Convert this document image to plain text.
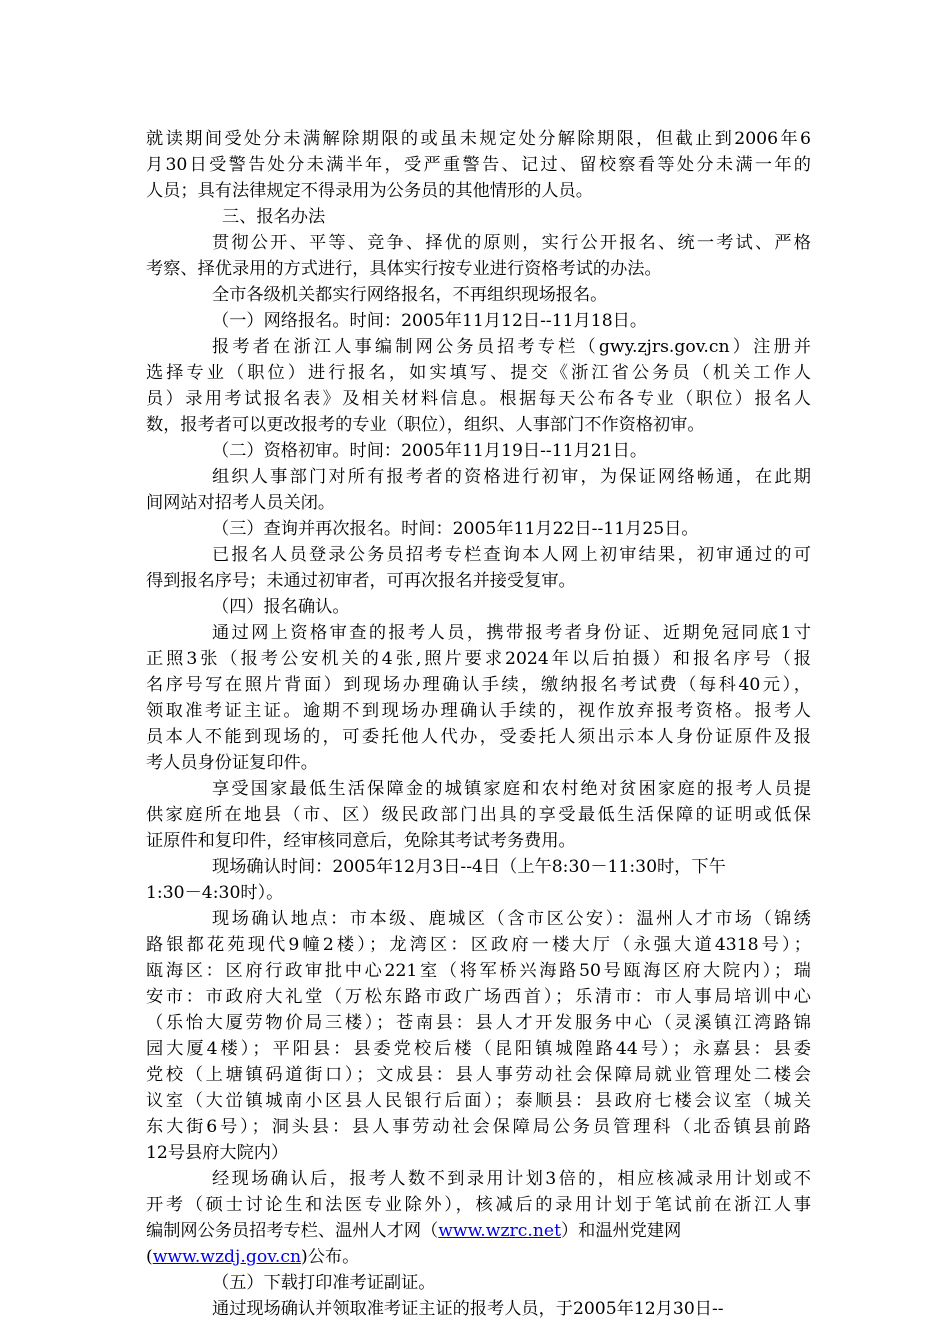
就读期间受处分未满解除期限的或虽未规定处分解除期限，但截止到2006年6
月30日受警告处分未满半年，受严重警告、记过、留校察看等处分未满一年的
人员；具有法律规定不得录用为公务员的其他情形的人员。
三、报名办法
贯彻公开、平等、竞争、择优的原则，实行公开报名、统一考试、严格
考察、择优录用的方式进行，具体实行按专业进行资格考试的办法。
全市各级机关都实行网络报名，不再组织现场报名。
（一）网络报名。时间：2005年11月12日--11月18日。
报考者在浙江人事编制网公务员招考专栏（gwy.zjrs.gov.cn）注册并
选择专业（职位）进行报名，如实填写、提交《浙江省公务员（机关工作人
员）录用考试报名表》及相关材料信息。根据每天公布各专业（职位）报名人
数，报考者可以更改报考的专业（职位），组织、人事部门不作资格初审。
（二）资格初审。时间：2005年11月19日--11月21日。
组织人事部门对所有报考者的资格进行初审，为保证网络畅通，在此期
间网站对招考人员关闭。
（三）查询并再次报名。时间：2005年11月22日--11月25日。
已报名人员登录公务员招考专栏查询本人网上初审结果，初审通过的可
得到报名序号；未通过初审者，可再次报名并接受复审。
（四）报名确认。
通过网上资格审查的报考人员，携带报考者身份证、近期免冠同底1寸
正照3张（报考公安机关的4张,照片要求2024年以后拍摄）和报名序号（报
名序号写在照片背面）到现场办理确认手续，缴纳报名考试费（每科40元），
领取准考证主证。逾期不到现场办理确认手续的，视作放弃报考资格。报考人
员本人不能到现场的，可委托他人代办，受委托人须出示本人身份证原件及报
考人员身份证复印件。
享受国家最低生活保障金的城镇家庭和农村绝对贫困家庭的报考人员提
供家庭所在地县（市、区）级民政部门出具的享受最低生活保障的证明或低保
证原件和复印件，经审核同意后，免除其考试考务费用。
现场确认时间：2005年12月3日--4日（上午8:30－11:30时，下午
1:30－4:30时）。
现场确认地点：市本级、鹿城区（含市区公安）：温州人才市场（锦绣
路银都花苑现代9幢2楼）；龙湾区：区政府一楼大厅（永强大道4318号）；
瓯海区：区府行政审批中心221室（将军桥兴海路50号瓯海区府大院内）；瑞
安市：市政府大礼堂（万松东路市政广场西首）；乐清市：市人事局培训中心
（乐怡大厦劳物价局三楼）；苍南县：县人才开发服务中心（灵溪镇江湾路锦
园大厦4楼）；平阳县：县委党校后楼（昆阳镇城隍路44号）；永嘉县：县委
党校（上塘镇码道街口）；文成县：县人事劳动社会保障局就业管理处二楼会
议室（大峃镇城南小区县人民银行后面）；泰顺县：县政府七楼会议室（城关
东大街6号）；洞头县：县人事劳动社会保障局公务员管理科（北岙镇县前路
12号县府大院内）
经现场确认后，报考人数不到录用计划3倍的，相应核减录用计划或不
开考（硕士讨论生和法医专业除外），核减后的录用计划于笔试前在浙江人事
编制网公务员招考专栏、温州人才网（www.wzrc.net）和温州党建网
(www.wzdj.gov.cn)公布。
（五）下载打印准考证副证。
通过现场确认并领取准考证主证的报考人员，于2005年12月30日--
